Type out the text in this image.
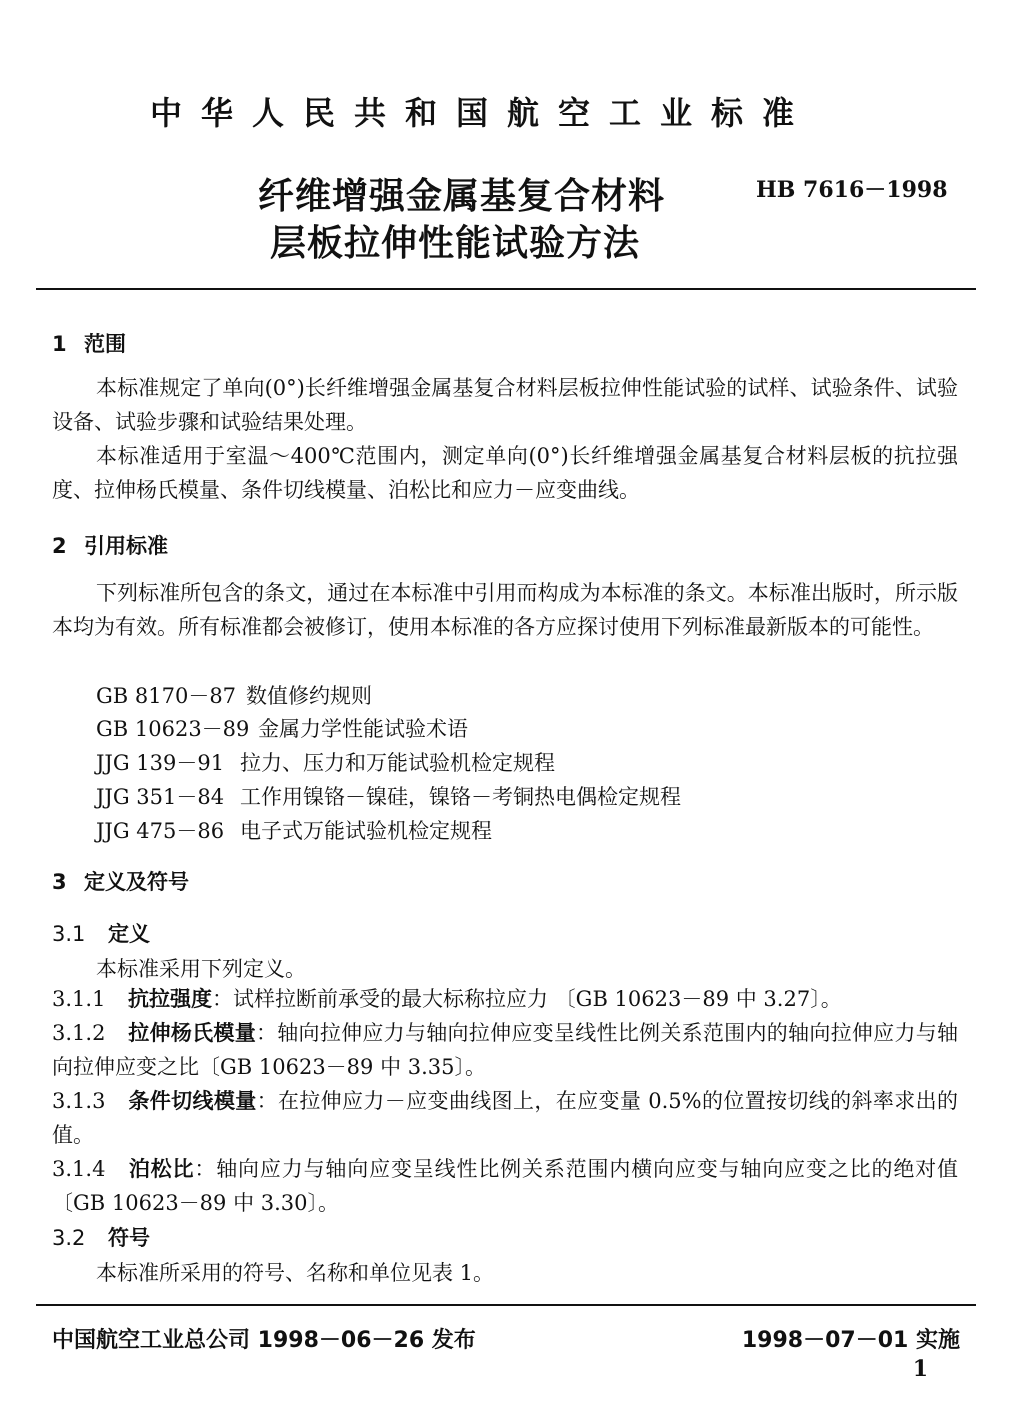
中华人民共和国航空工业标准
纤维增强金属基复合材料
层板拉伸性能试验方法
HB 7616－1998
1 范围
本标准规定了单向(0°)长纤维增强金属基复合材料层板拉伸性能试验的试样、试验条件、试验设备、试验步骤和试验结果处理。
本标准适用于室温～400℃范围内，测定单向(0°)长纤维增强金属基复合材料层板的抗拉强度、拉伸杨氏模量、条件切线模量、泊松比和应力－应变曲线。
2 引用标准
下列标准所包含的条文，通过在本标准中引用而构成为本标准的条文。本标准出版时，所示版本均为有效。所有标准都会被修订，使用本标准的各方应探讨使用下列标准最新版本的可能性。
GB 8170－87 数值修约规则
GB 10623－89 金属力学性能试验术语
JJG 139－91 拉力、压力和万能试验机检定规程
JJG 351－84 工作用镍铬－镍硅，镍铬－考铜热电偶检定规程
JJG 475－86 电子式万能试验机检定规程
3 定义及符号
3.1 定义
本标准采用下列定义。
3.1.1 抗拉强度：试样拉断前承受的最大标称拉应力 〔GB 10623－89 中 3.27〕。
3.1.2 拉伸杨氏模量：轴向拉伸应力与轴向拉伸应变呈线性比例关系范围内的轴向拉伸应力与轴向拉伸应变之比〔GB 10623－89 中 3.35〕。
3.1.3 条件切线模量：在拉伸应力－应变曲线图上，在应变量 0.5%的位置按切线的斜率求出的值。
3.1.4 泊松比：轴向应力与轴向应变呈线性比例关系范围内横向应变与轴向应变之比的绝对值〔GB 10623－89 中 3.30〕。
3.2 符号
本标准所采用的符号、名称和单位见表 1。
中国航空工业总公司 1998－06－26 发布	1998－07－01 实施
1
